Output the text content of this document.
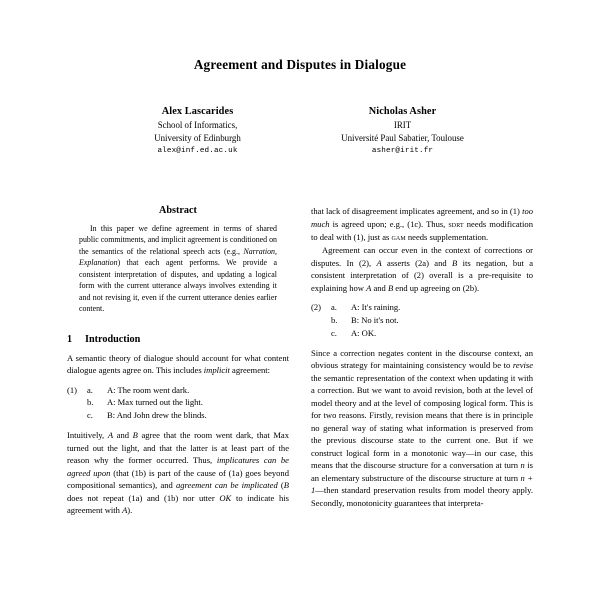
Agreement and Disputes in Dialogue
Alex Lascarides
School of Informatics,
University of Edinburgh
alex@inf.ed.ac.uk
Nicholas Asher
IRIT
Université Paul Sabatier, Toulouse
asher@irit.fr
Abstract
In this paper we define agreement in terms of shared public commitments, and implicit agreement is conditioned on the semantics of the relational speech acts (e.g., Narration, Explanation) that each agent performs. We provide a consistent interpretation of disputes, and updating a logical form with the current utterance always involves extending it and not revising it, even if the current utterance denies earlier content.
1	Introduction

A semantic theory of dialogue should account for what content dialogue agents agree on. This includes implicit agreement:

(1)	a.	A: The room went dark.
b.	A: Max turned out the light.
c.	B: And John drew the blinds.

Intuitively, A and B agree that the room went dark, that Max turned out the light, and that the latter is at least part of the reason why the former occurred. Thus, implicatures can be agreed upon (that (1b) is part of the cause of (1a) goes beyond compositional semantics), and agreement can be implicated (B does not repeat (1a) and (1b) nor utter OK to indicate his agreement with A).

that lack of disagreement implicates agreement, and so in (1) too much is agreed upon; e.g., (1c). Thus, sdrt needs modification to deal with (1), just as gam needs supplementation.

Agreement can occur even in the context of corrections or disputes. In (2), A asserts (2a) and B its negation, but a consistent interpretation of (2) overall is a pre-requisite to explaining how A and B end up agreeing on (2b).

(2)	a.	A: It's raining.
b.	B: No it's not.
c.	A: OK.

Since a correction negates content in the discourse context, an obvious strategy for maintaining consistency would be to revise the semantic representation of the context when updating it with a correction. But we want to avoid revision, both at the level of model theory and at the level of composing logical form. This is for two reasons. Firstly, revision means that there is in principle no general way of stating what information is preserved from the previous discourse state to the current one. But if we construct logical form in a monotonic way—in our case, this means that the discourse structure for a conversation at turn n is an elementary substructure of the discourse structure at turn n + 1—then standard preservation results from model theory apply. Secondly, monotonicity guarantees that interpreta-
